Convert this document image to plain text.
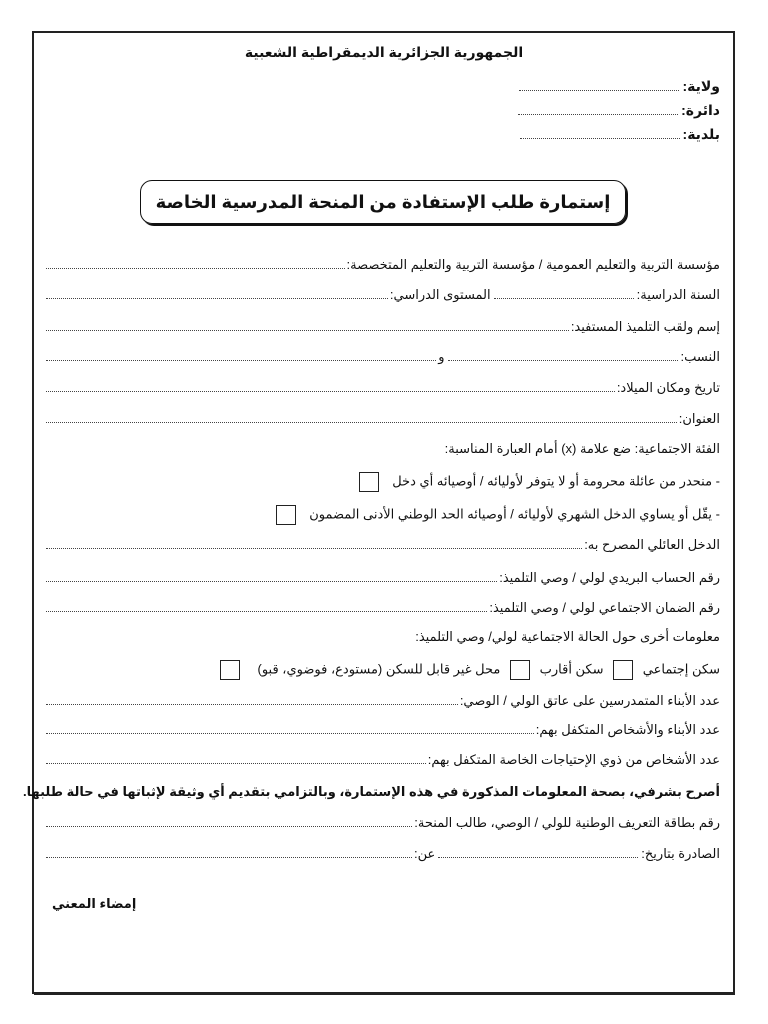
الجمهورية الجزائرية الديمقراطية الشعبية
ولاية:
دائرة:
بلدية:
إستمارة طلب الإستفادة من المنحة المدرسية الخاصة
مؤسسة التربية والتعليم العمومية / مؤسسة التربية والتعليم المتخصصة:
السنة الدراسية:
المستوى الدراسي:
إسم ولقب التلميذ المستفيد:
النسب:
و
تاريخ ومكان الميلاد:
العنوان:
الفئة الاجتماعية: ضع علامة (x) أمام العبارة المناسبة:
- منحدر من عائلة محرومة أو لا يتوفر لأوليائه / أوصيائه أي دخل
- يقّل أو يساوي الدخل الشهري لأوليائه / أوصيائه الحد الوطني الأدنى المضمون
الدخل العائلي المصرح به:
رقم الحساب البريدي لولي / وصي التلميذ:
رقم الضمان الاجتماعي لولي / وصي التلميذ:
معلومات أخرى حول الحالة الاجتماعية لولي/ وصي التلميذ:
سكن إجتماعي  سكن أقارب  محل غير قابل للسكن (مستودع، فوضوي، قبو)
عدد الأبناء المتمدرسين على عاتق الولي / الوصي:
عدد الأبناء والأشخاص المتكفل بهم:
عدد الأشخاص من ذوي الإحتياجات الخاصة المتكفل بهم:
أصرح بشرفي، بصحة المعلومات المذكورة في هذه الإستمارة، وبالتزامي بتقديم أي وثيقة لإثباتها في حالة طلبها.
رقم بطاقة التعريف الوطنية للولي / الوصي، طالب المنحة:
الصادرة بتاريخ:
عن:
إمضاء المعني
